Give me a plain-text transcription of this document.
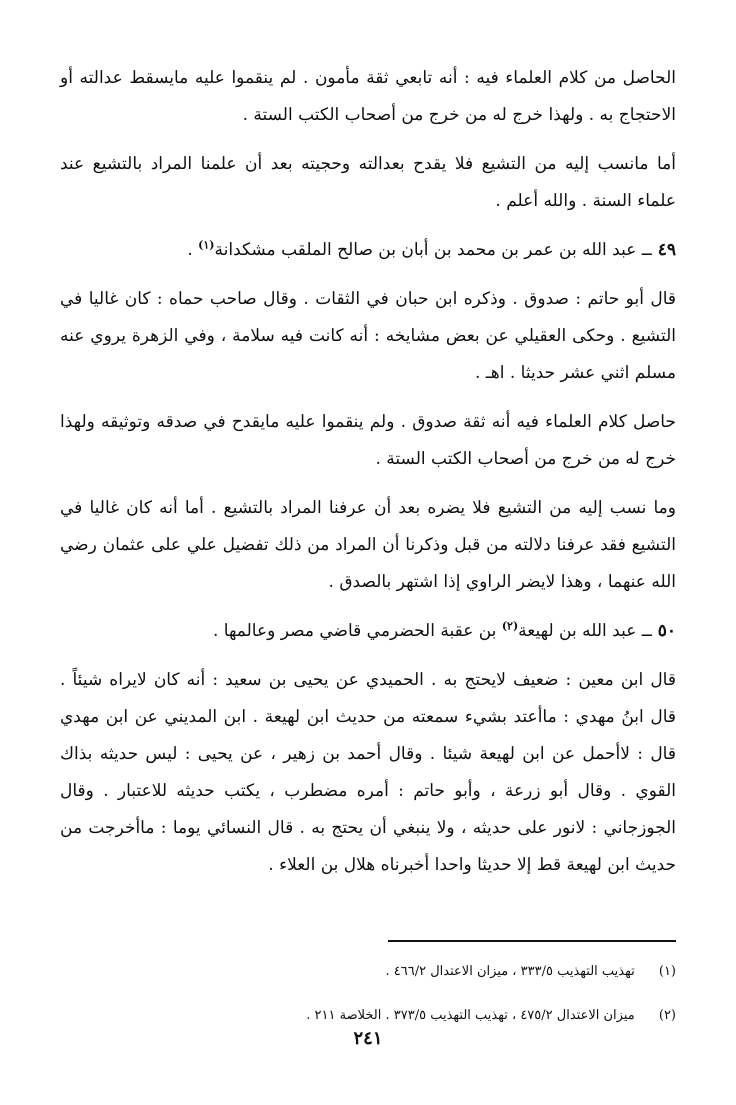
الحاصل من كلام العلماء فيه : أنه تابعي ثقة مأمون . لم ينقموا عليه مايسقط عدالته أو الاحتجاج به . ولهذا خرج له من خرج من أصحاب الكتب الستة .

أما مانسب إليه من التشيع فلا يقدح بعدالته وحجيته بعد أن علمنا المراد بالتشيع عند علماء السنة . والله أعلم .

٤٩ــ عبد الله بن عمر بن محمد بن أبان بن صالح الملقب مشكدانة$^{(١)}$ .

قال أبو حاتم : صدوق . وذكره ابن حبان في الثقات . وقال صاحب حماه : كان غاليا في التشيع . وحكى العقيلي عن بعض مشايخه : أنه كانت فيه سلامة ، وفي الزهرة يروي عنه مسلم اثني عشر حديثا . اهـ .

حاصل كلام العلماء فيه أنه ثقة صدوق . ولم ينقموا عليه مايقدح في صدقه وتوثيقه ولهذا خرج له من خرج من أصحاب الكتب الستة .

وما نسب إليه من التشيع فلا يضره بعد أن عرفنا المراد بالتشيع . أما أنه كان غاليا في التشيع فقد عرفنا دلالته من قبل وذكرنا أن المراد من ذلك تفضيل علي على عثمان رضي الله عنهما ، وهذا لايضر الراوي إذا اشتهر بالصدق .

٥٠ــ عبد الله بن لهيعة$^{(٢)}$ بن عقبة الحضرمي قاضي مصر وعالمها .

قال ابن معين : ضعيف لايحتج به . الحميدي عن يحيى بن سعيد : أنه كان لايراه شيئاً . قال ابنُ مهدي : ماأعتد بشيء سمعته من حديث ابن لهيعة . ابن المديني عن ابن مهدي قال : لاأحمل عن ابن لهيعة شيئا . وقال أحمد بن زهير ، عن يحيى : ليس حديثه بذاك القوي . وقال أبو زرعة ، وأبو حاتم : أمره مضطرب ، يكتب حديثه للاعتبار . وقال الجوزجاني : لانور على حديثه ، ولا ينبغي أن يحتج به . قال النسائي يوما : ماأخرجت من حديث ابن لهيعة قط إلا حديثا واحدا أخبرناه هلال بن العلاء .

(١) تهذيب التهذيب ٣٣٣/٥ ، ميزان الاعتدال ٤٦٦/٢ .
(٢) ميزان الاعتدال ٤٧٥/٢ ، تهذيب التهذيب ٣٧٣/٥ . الخلاصة ٢١١ .
٢٤١
